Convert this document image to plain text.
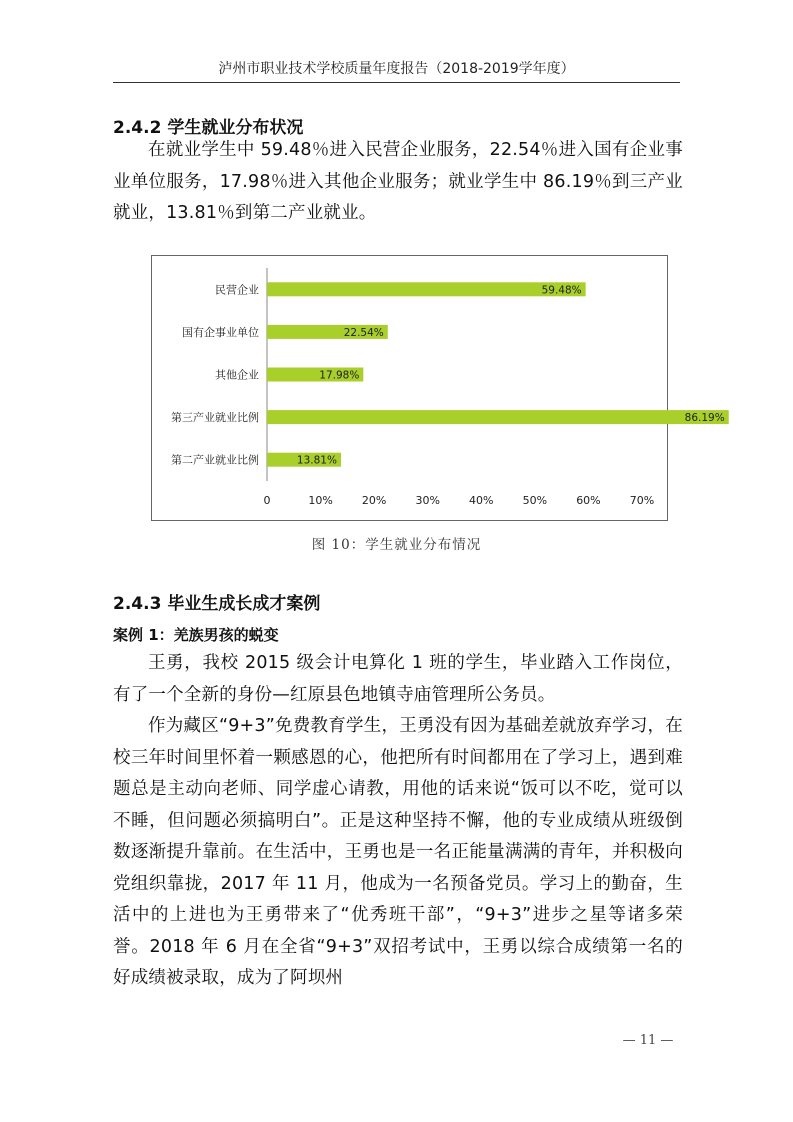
泸州市职业技术学校质量年度报告（2018-2019学年度）
2.4.2 学生就业分布状况
在就业学生中 59.48％进入民营企业服务，22.54％进入国有企业事业单位服务，17.98％进入其他企业服务；就业学生中 86.19％到三产业就业，13.81％到第二产业就业。
民营企业	59.48%
国有企事业单位	22.54%
其他企业	17.98%
第三产业就业比例	86.19%
第二产业就业比例	13.81%
0	10%	20%	30%	40%	50%	60%	70%
图 10：学生就业分布情况
2.4.3 毕业生成长成才案例
案例 1：羌族男孩的蜕变
王勇，我校 2015 级会计电算化 1 班的学生，毕业踏入工作岗位，有了一个全新的身份—红原县色地镇寺庙管理所公务员。
作为藏区“9+3”免费教育学生，王勇没有因为基础差就放弃学习，在校三年时间里怀着一颗感恩的心，他把所有时间都用在了学习上，遇到难题总是主动向老师、同学虚心请教，用他的话来说“饭可以不吃，觉可以不睡，但问题必须搞明白”。正是这种坚持不懈，他的专业成绩从班级倒数逐渐提升靠前。在生活中，王勇也是一名正能量满满的青年，并积极向党组织靠拢，2017 年 11 月，他成为一名预备党员。学习上的勤奋，生活中的上进也为王勇带来了“优秀班干部”，“9+3”进步之星等诸多荣誉。2018 年 6 月在全省“9+3”双招考试中，王勇以综合成绩第一名的好成绩被录取，成为了阿坝州
— 11 —
